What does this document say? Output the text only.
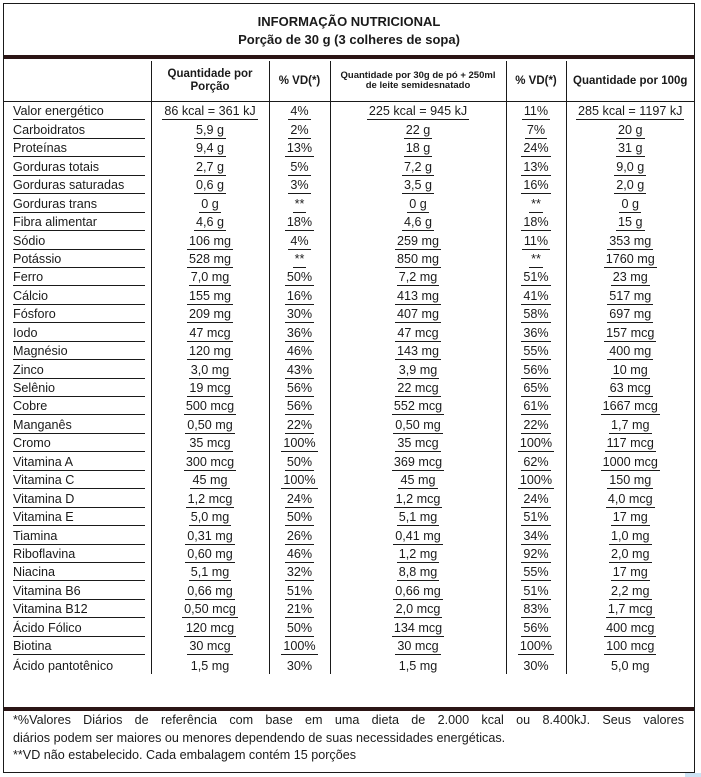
INFORMAÇÃO NUTRICIONAL
Porção de 30 g (3 colheres de sopa)
	Quantidade por Porção	% VD(*)	Quantidade por 30g de pó + 250ml de leite semidesnatado	% VD(*)	Quantidade por 100g

Valor energético	86 kcal = 361 kJ	4%	225 kcal = 945 kJ	11%	285 kcal = 1197 kJ

Carboidratos	5,9 g	2%	22 g	7%	20 g

Proteínas	9,4 g	13%	18 g	24%	31 g

Gorduras totais	2,7 g	5%	7,2 g	13%	9,0 g

Gorduras saturadas	0,6 g	3%	3,5 g	16%	2,0 g

Gorduras trans	0 g	**	0 g	**	0 g

Fibra alimentar	4,6 g	18%	4,6 g	18%	15 g

Sódio	106 mg	4%	259 mg	11%	353 mg

Potássio	528 mg	**	850 mg	**	1760 mg

Ferro	7,0 mg	50%	7,2 mg	51%	23 mg

Cálcio	155 mg	16%	413 mg	41%	517 mg

Fósforo	209 mg	30%	407 mg	58%	697 mg

Iodo	47 mcg	36%	47 mcg	36%	157 mcg

Magnésio	120 mg	46%	143 mg	55%	400 mg

Zinco	3,0 mg	43%	3,9 mg	56%	10 mg

Selênio	19 mcg	56%	22 mcg	65%	63 mcg

Cobre	500 mcg	56%	552 mcg	61%	1667 mcg

Manganês	0,50 mg	22%	0,50 mg	22%	1,7 mg

Cromo	35 mcg	100%	35 mcg	100%	117 mcg

Vitamina A	300 mcg	50%	369 mcg	62%	1000 mcg

Vitamina C	45 mg	100%	45 mg	100%	150 mg

Vitamina D	1,2 mcg	24%	1,2 mcg	24%	4,0 mcg

Vitamina E	5,0 mg	50%	5,1 mg	51%	17 mg

Tiamina	0,31 mg	26%	0,41 mg	34%	1,0 mg

Riboflavina	0,60 mg	46%	1,2 mg	92%	2,0 mg

Niacina	5,1 mg	32%	8,8 mg	55%	17 mg

Vitamina B6	0,66 mg	51%	0,66 mg	51%	2,2 mg

Vitamina B12	0,50 mcg	21%	2,0 mcg	83%	1,7 mcg

Ácido Fólico	120 mcg	50%	134 mcg	56%	400 mcg

Biotina	30 mcg	100%	30 mcg	100%	100 mcg

Ácido pantotênico	1,5 mg	30%	1,5 mg	30%	5,0 mg
*%Valores Diários de referência com base em uma dieta de 2.000 kcal ou 8.400kJ. Seus valores
diários podem ser maiores ou menores dependendo de suas necessidades energéticas.
**VD não estabelecido. Cada embalagem contém 15 porções
